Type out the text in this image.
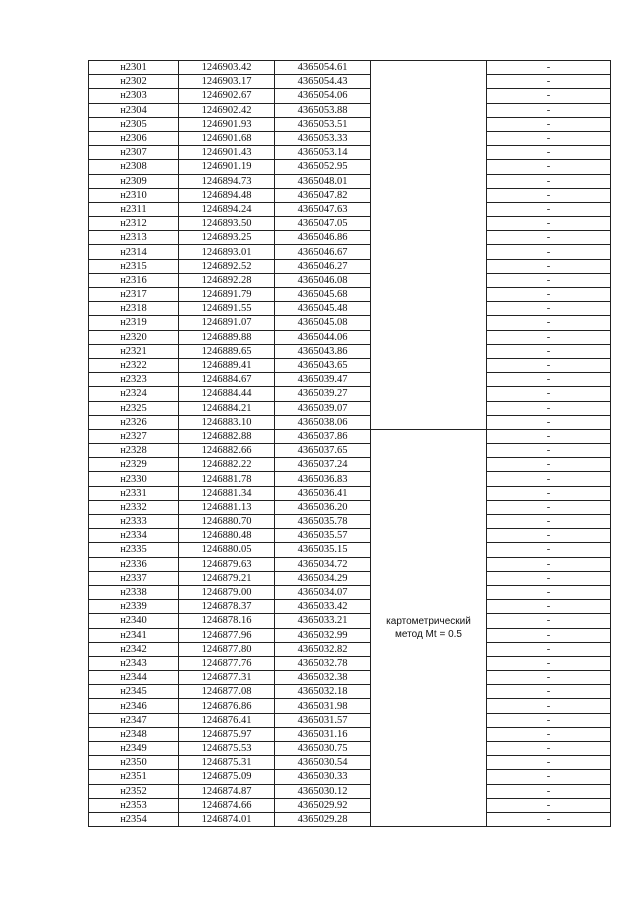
н2301	1246903.42	4365054.61		-
н2302	1246903.17	4365054.43		-
н2303	1246902.67	4365054.06		-
н2304	1246902.42	4365053.88		-
н2305	1246901.93	4365053.51		-
н2306	1246901.68	4365053.33		-
н2307	1246901.43	4365053.14		-
н2308	1246901.19	4365052.95		-
н2309	1246894.73	4365048.01		-
н2310	1246894.48	4365047.82		-
н2311	1246894.24	4365047.63		-
н2312	1246893.50	4365047.05		-
н2313	1246893.25	4365046.86		-
н2314	1246893.01	4365046.67		-
н2315	1246892.52	4365046.27		-
н2316	1246892.28	4365046.08		-
н2317	1246891.79	4365045.68		-
н2318	1246891.55	4365045.48		-
н2319	1246891.07	4365045.08		-
н2320	1246889.88	4365044.06		-
н2321	1246889.65	4365043.86		-
н2322	1246889.41	4365043.65		-
н2323	1246884.67	4365039.47		-
н2324	1246884.44	4365039.27		-
н2325	1246884.21	4365039.07		-
н2326	1246883.10	4365038.06		-
н2327	1246882.88	4365037.86	картометрический
метод Mt = 0.5	-
н2328	1246882.66	4365037.65		-
н2329	1246882.22	4365037.24		-
н2330	1246881.78	4365036.83		-
н2331	1246881.34	4365036.41		-
н2332	1246881.13	4365036.20		-
н2333	1246880.70	4365035.78		-
н2334	1246880.48	4365035.57		-
н2335	1246880.05	4365035.15		-
н2336	1246879.63	4365034.72		-
н2337	1246879.21	4365034.29		-
н2338	1246879.00	4365034.07		-
н2339	1246878.37	4365033.42		-
н2340	1246878.16	4365033.21		-
н2341	1246877.96	4365032.99		-
н2342	1246877.80	4365032.82		-
н2343	1246877.76	4365032.78		-
н2344	1246877.31	4365032.38		-
н2345	1246877.08	4365032.18		-
н2346	1246876.86	4365031.98		-
н2347	1246876.41	4365031.57		-
н2348	1246875.97	4365031.16		-
н2349	1246875.53	4365030.75		-
н2350	1246875.31	4365030.54		-
н2351	1246875.09	4365030.33		-
н2352	1246874.87	4365030.12		-
н2353	1246874.66	4365029.92		-
н2354	1246874.01	4365029.28		-
